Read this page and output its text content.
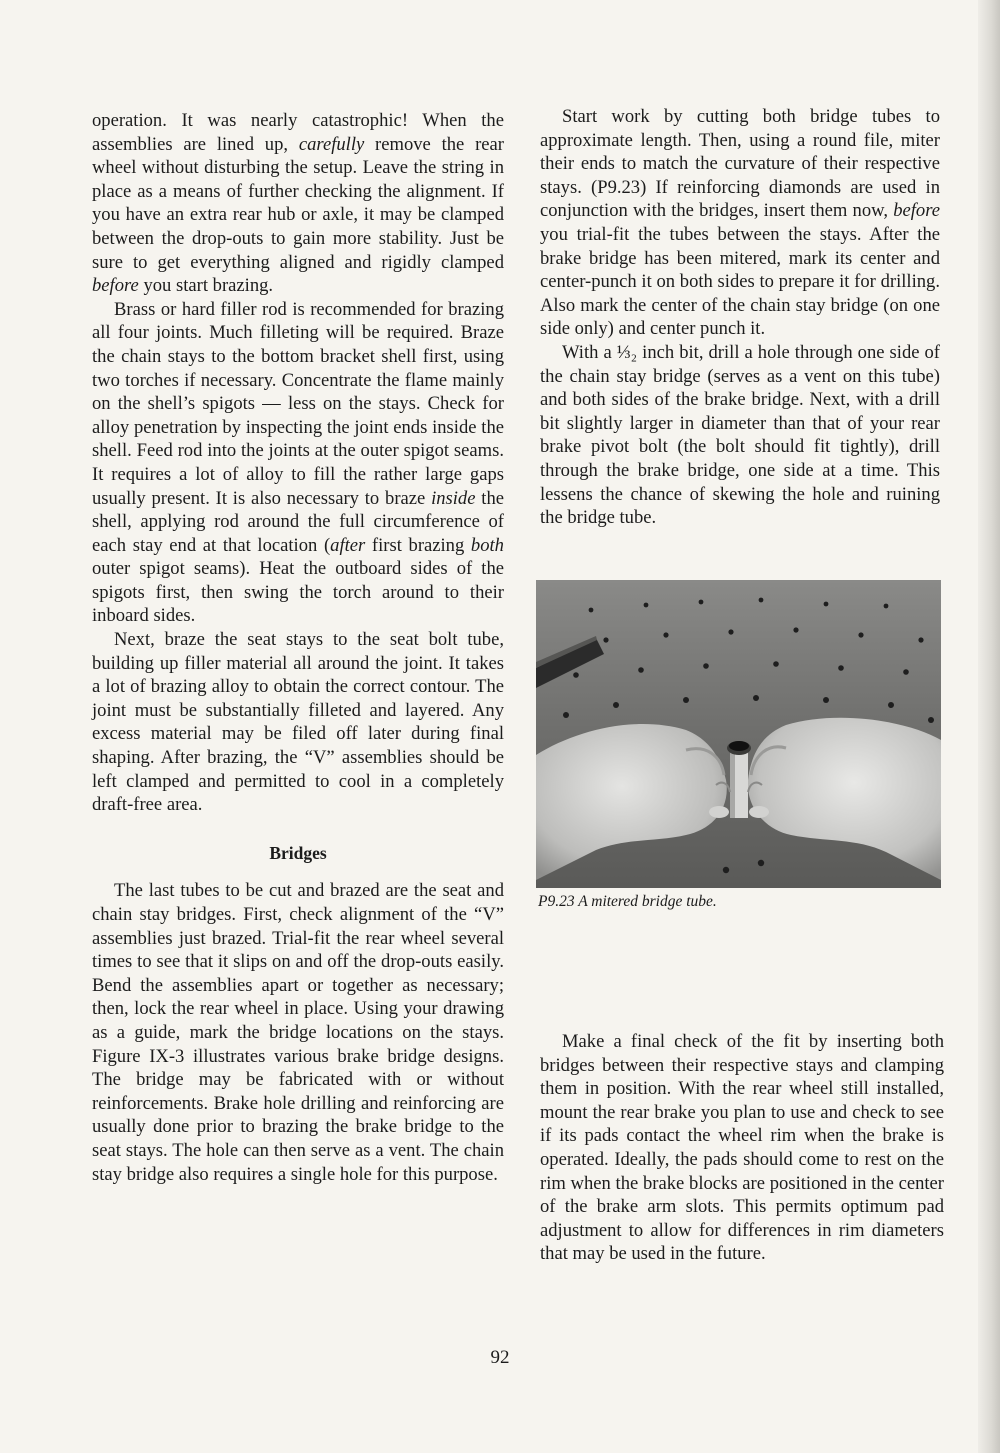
operation. It was nearly catastrophic! When the assemblies are lined up, carefully remove the rear wheel without disturbing the setup. Leave the string in place as a means of further checking the alignment. If you have an extra rear hub or axle, it may be clamped between the drop-outs to gain more stability. Just be sure to get everything aligned and rigidly clamped before you start brazing.

Brass or hard filler rod is recommended for brazing all four joints. Much filleting will be required. Braze the chain stays to the bottom bracket shell first, using two torches if necessary. Concentrate the flame mainly on the shell’s spigots — less on the stays. Check for alloy penetration by inspecting the joint ends inside the shell. Feed rod into the joints at the outer spigot seams. It requires a lot of alloy to fill the rather large gaps usually present. It is also necessary to braze inside the shell, applying rod around the full circumference of each stay end at that location (after first brazing both outer spigot seams). Heat the outboard sides of the spigots first, then swing the torch around to their inboard sides.

Next, braze the seat stays to the seat bolt tube, building up filler material all around the joint. It takes a lot of brazing alloy to obtain the correct contour. The joint must be substantially filleted and layered. Any excess material may be filed off later during final shaping. After brazing, the “V” assemblies should be left clamped and permitted to cool in a completely draft-free area.

Bridges

The last tubes to be cut and brazed are the seat and chain stay bridges. First, check alignment of the “V” assemblies just brazed. Trial-fit the rear wheel several times to see that it slips on and off the drop-outs easily. Bend the assemblies apart or together as necessary; then, lock the rear wheel in place. Using your drawing as a guide, mark the bridge locations on the stays. Figure IX-3 illustrates various brake bridge designs. The bridge may be fabricated with or without reinforcements. Brake hole drilling and reinforcing are usually done prior to brazing the brake bridge to the seat stays. The hole can then serve as a vent. The chain stay bridge also requires a single hole for this purpose.

Start work by cutting both bridge tubes to approximate length. Then, using a round file, miter their ends to match the curvature of their respective stays. (P9.23) If reinforcing diamonds are used in conjunction with the bridges, insert them now, before you trial-fit the tubes between the stays. After the brake bridge has been mitered, mark its center and center-punch it on both sides to prepare it for drilling. Also mark the center of the chain stay bridge (on one side only) and center punch it.

With a ⅓₂ inch bit, drill a hole through one side of the chain stay bridge (serves as a vent on this tube) and both sides of the brake bridge. Next, with a drill bit slightly larger in diameter than that of your rear brake pivot bolt (the bolt should fit tightly), drill through the brake bridge, one side at a time. This lessens the chance of skewing the hole and ruining the bridge tube.

P9.23 A mitered bridge tube.

Make a final check of the fit by inserting both bridges between their respective stays and clamping them in position. With the rear wheel still installed, mount the rear brake you plan to use and check to see if its pads contact the wheel rim when the brake is operated. Ideally, the pads should come to rest on the rim when the brake blocks are positioned in the center of the brake arm slots. This permits optimum pad adjustment to allow for differences in rim diameters that may be used in the future.

92
